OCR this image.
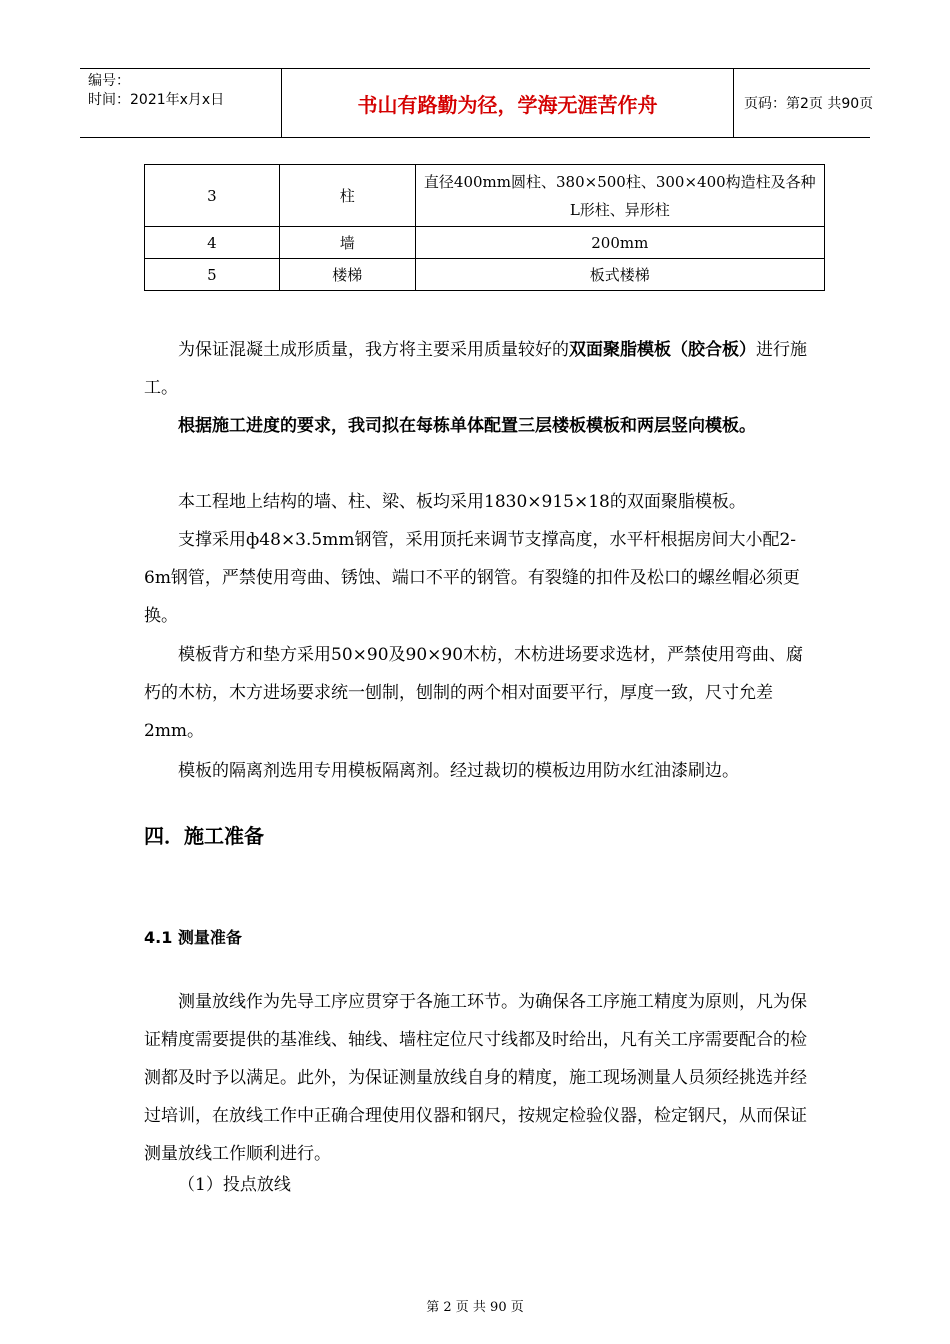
编号：
时间：2021年x月x日	书山有路勤为径，学海无涯苦作舟	页码：第2页 共90页
3	柱	直径400mm圆柱、380×500柱、300×400构造柱及各种L形柱、异形柱
4	墙	200mm
5	楼梯	板式楼梯

为保证混凝土成形质量，我方将主要采用质量较好的双面聚脂模板（胶合板）进行施工。

根据施工进度的要求，我司拟在每栋单体配置三层楼板模板和两层竖向模板。

本工程地上结构的墙、柱、梁、板均采用1830×915×18的双面聚脂模板。

支撑采用ф48×3.5mm钢管，采用顶托来调节支撑高度，水平杆根据房间大小配2-6m钢管，严禁使用弯曲、锈蚀、端口不平的钢管。有裂缝的扣件及松口的螺丝帽必须更换。

模板背方和垫方采用50×90及90×90木枋，木枋进场要求选材，严禁使用弯曲、腐朽的木枋，木方进场要求统一刨制，刨制的两个相对面要平行，厚度一致，尺寸允差2mm。

模板的隔离剂选用专用模板隔离剂。经过裁切的模板边用防水红油漆刷边。

四．施工准备
4.1 测量准备

测量放线作为先导工序应贯穿于各施工环节。为确保各工序施工精度为原则，凡为保证精度需要提供的基准线、轴线、墙柱定位尺寸线都及时给出，凡有关工序需要配合的检测都及时予以满足。此外，为保证测量放线自身的精度，施工现场测量人员须经挑选并经过培训，在放线工作中正确合理使用仪器和钢尺，按规定检验仪器，检定钢尺，从而保证测量放线工作顺利进行。

（1）投点放线

第 2 页 共 90 页
